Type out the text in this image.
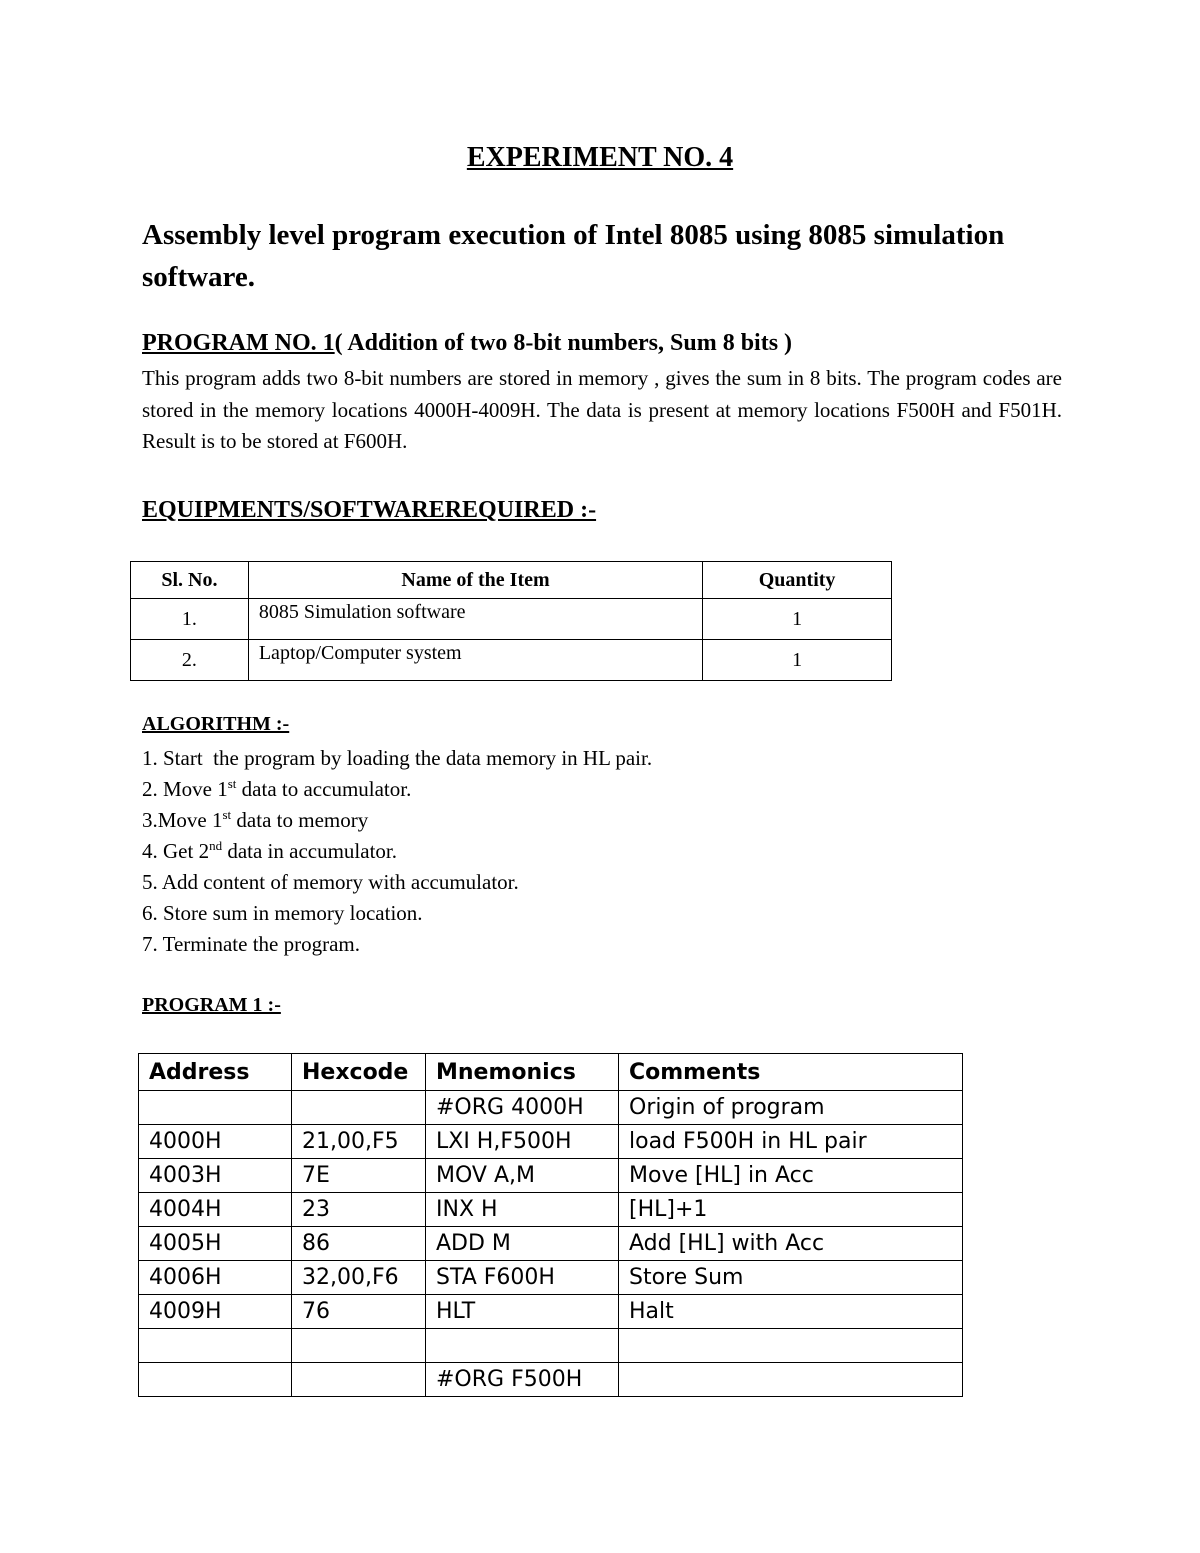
EXPERIMENT NO. 4
Assembly level program execution of Intel 8085 using 8085 simulation software.
PROGRAM NO. 1( Addition of two 8-bit numbers, Sum 8 bits )
This program adds two 8-bit numbers are stored in memory , gives the sum in 8 bits. The program codes are stored in the memory locations 4000H-4009H. The data is present at memory locations F500H and F501H. Result is to be stored at F600H.
EQUIPMENTS/SOFTWAREREQUIRED :-
Sl. No.	Name of the Item	Quantity
1.	8085 Simulation software	1
2.	Laptop/Computer system	1
ALGORITHM :-
1. Start  the program by loading the data memory in HL pair.
2. Move 1st data to accumulator.
3.Move 1st data to memory
4. Get 2nd data in accumulator.
5. Add content of memory with accumulator.
6. Store sum in memory location.
7. Terminate the program.
PROGRAM 1 :-
Address	Hexcode	Mnemonics	Comments
		#ORG 4000H	Origin of program
4000H	21,00,F5	LXI H,F500H	load F500H in HL pair
4003H	7E	MOV A,M	Move [HL] in Acc
4004H	23	INX H	[HL]+1
4005H	86	ADD M	Add [HL] with Acc
4006H	32,00,F6	STA F600H	Store Sum
4009H	76	HLT	Halt

		#ORG F500H	
